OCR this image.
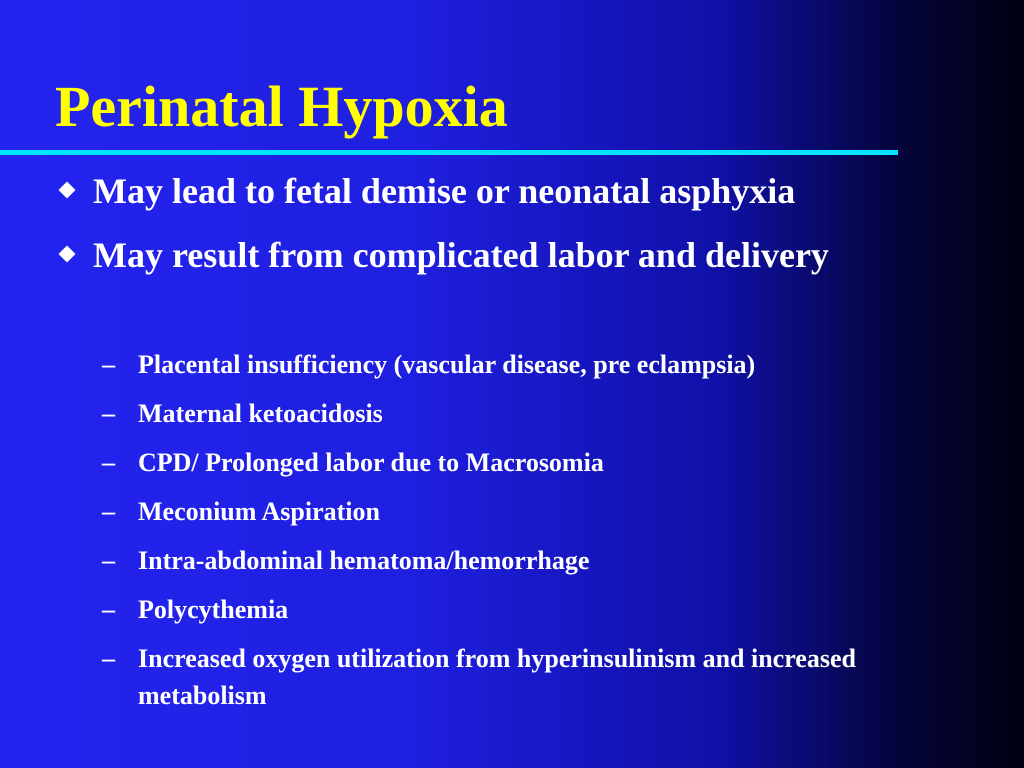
Perinatal Hypoxia
May lead to fetal demise or neonatal asphyxia
May result from complicated labor and delivery
– Placental insufficiency (vascular disease, pre eclampsia)
– Maternal ketoacidosis
– CPD/ Prolonged labor due to Macrosomia
– Meconium Aspiration
– Intra-abdominal hematoma/hemorrhage
– Polycythemia
– Increased oxygen utilization from hyperinsulinism and increased metabolism
